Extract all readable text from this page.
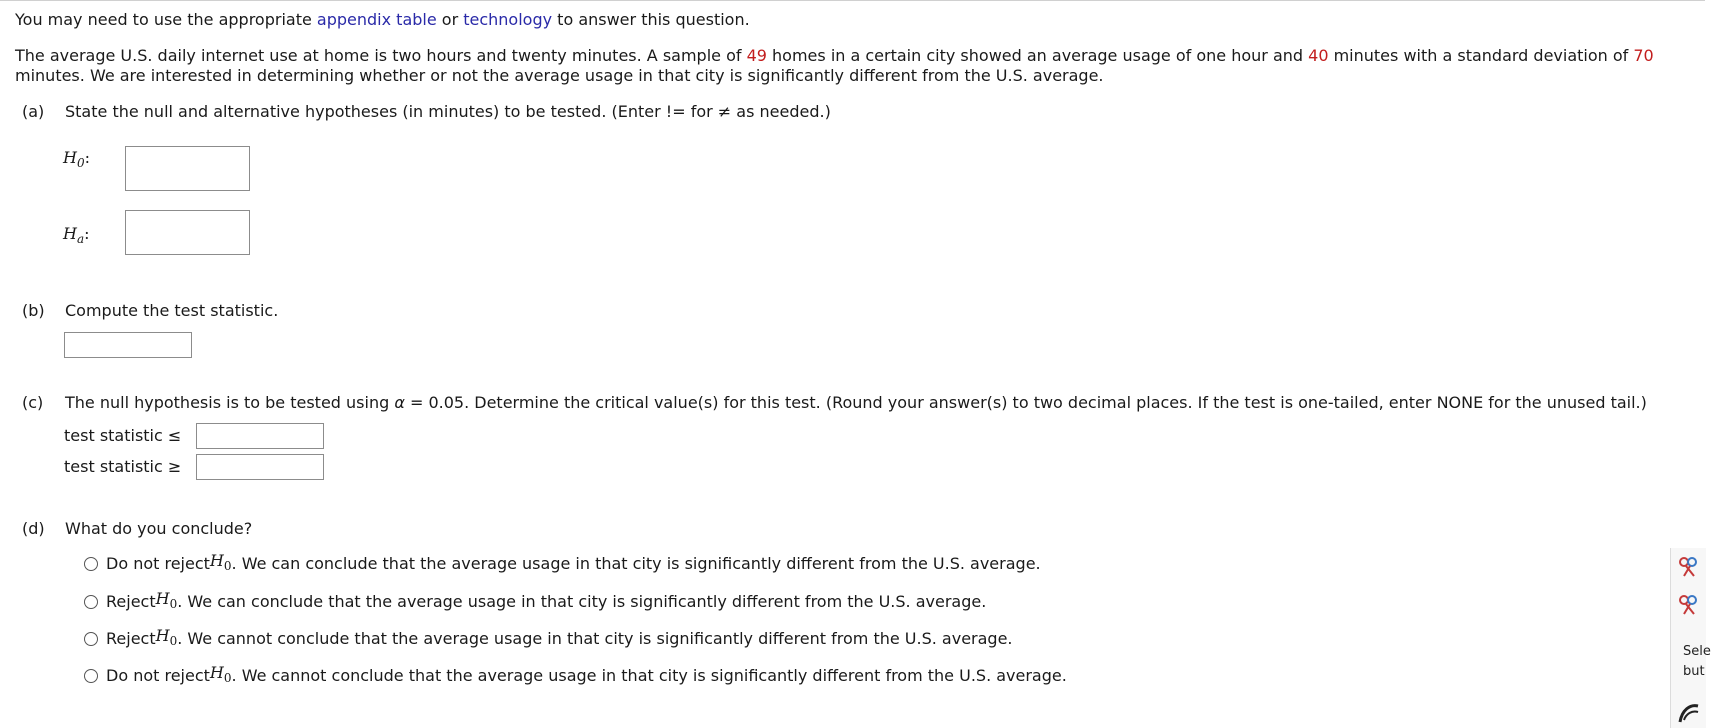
You may need to use the appropriate appendix table or technology to answer this question.
The average U.S. daily internet use at home is two hours and twenty minutes. A sample of 49 homes in a certain city showed an average usage of one hour and 40 minutes with a standard deviation of 70
minutes. We are interested in determining whether or not the average usage in that city is significantly different from the U.S. average.
(a) State the null and alternative hypotheses (in minutes) to be tested. (Enter != for ≠ as needed.)
$H_0$:
$H_a$:
(b) Compute the test statistic.
(c) The null hypothesis is to be tested using α = 0.05. Determine the critical value(s) for this test. (Round your answer(s) to two decimal places. If the test is one-tailed, enter NONE for the unused tail.)
test statistic ≤
test statistic ≥
(d) What do you conclude?
Do not reject $H_0$ . We can conclude that the average usage in that city is significantly different from the U.S. average.
Reject $H_0$ . We can conclude that the average usage in that city is significantly different from the U.S. average.
Reject $H_0$ . We cannot conclude that the average usage in that city is significantly different from the U.S. average.
Do not reject $H_0$ . We cannot conclude that the average usage in that city is significantly different from the U.S. average.
Sele
but
